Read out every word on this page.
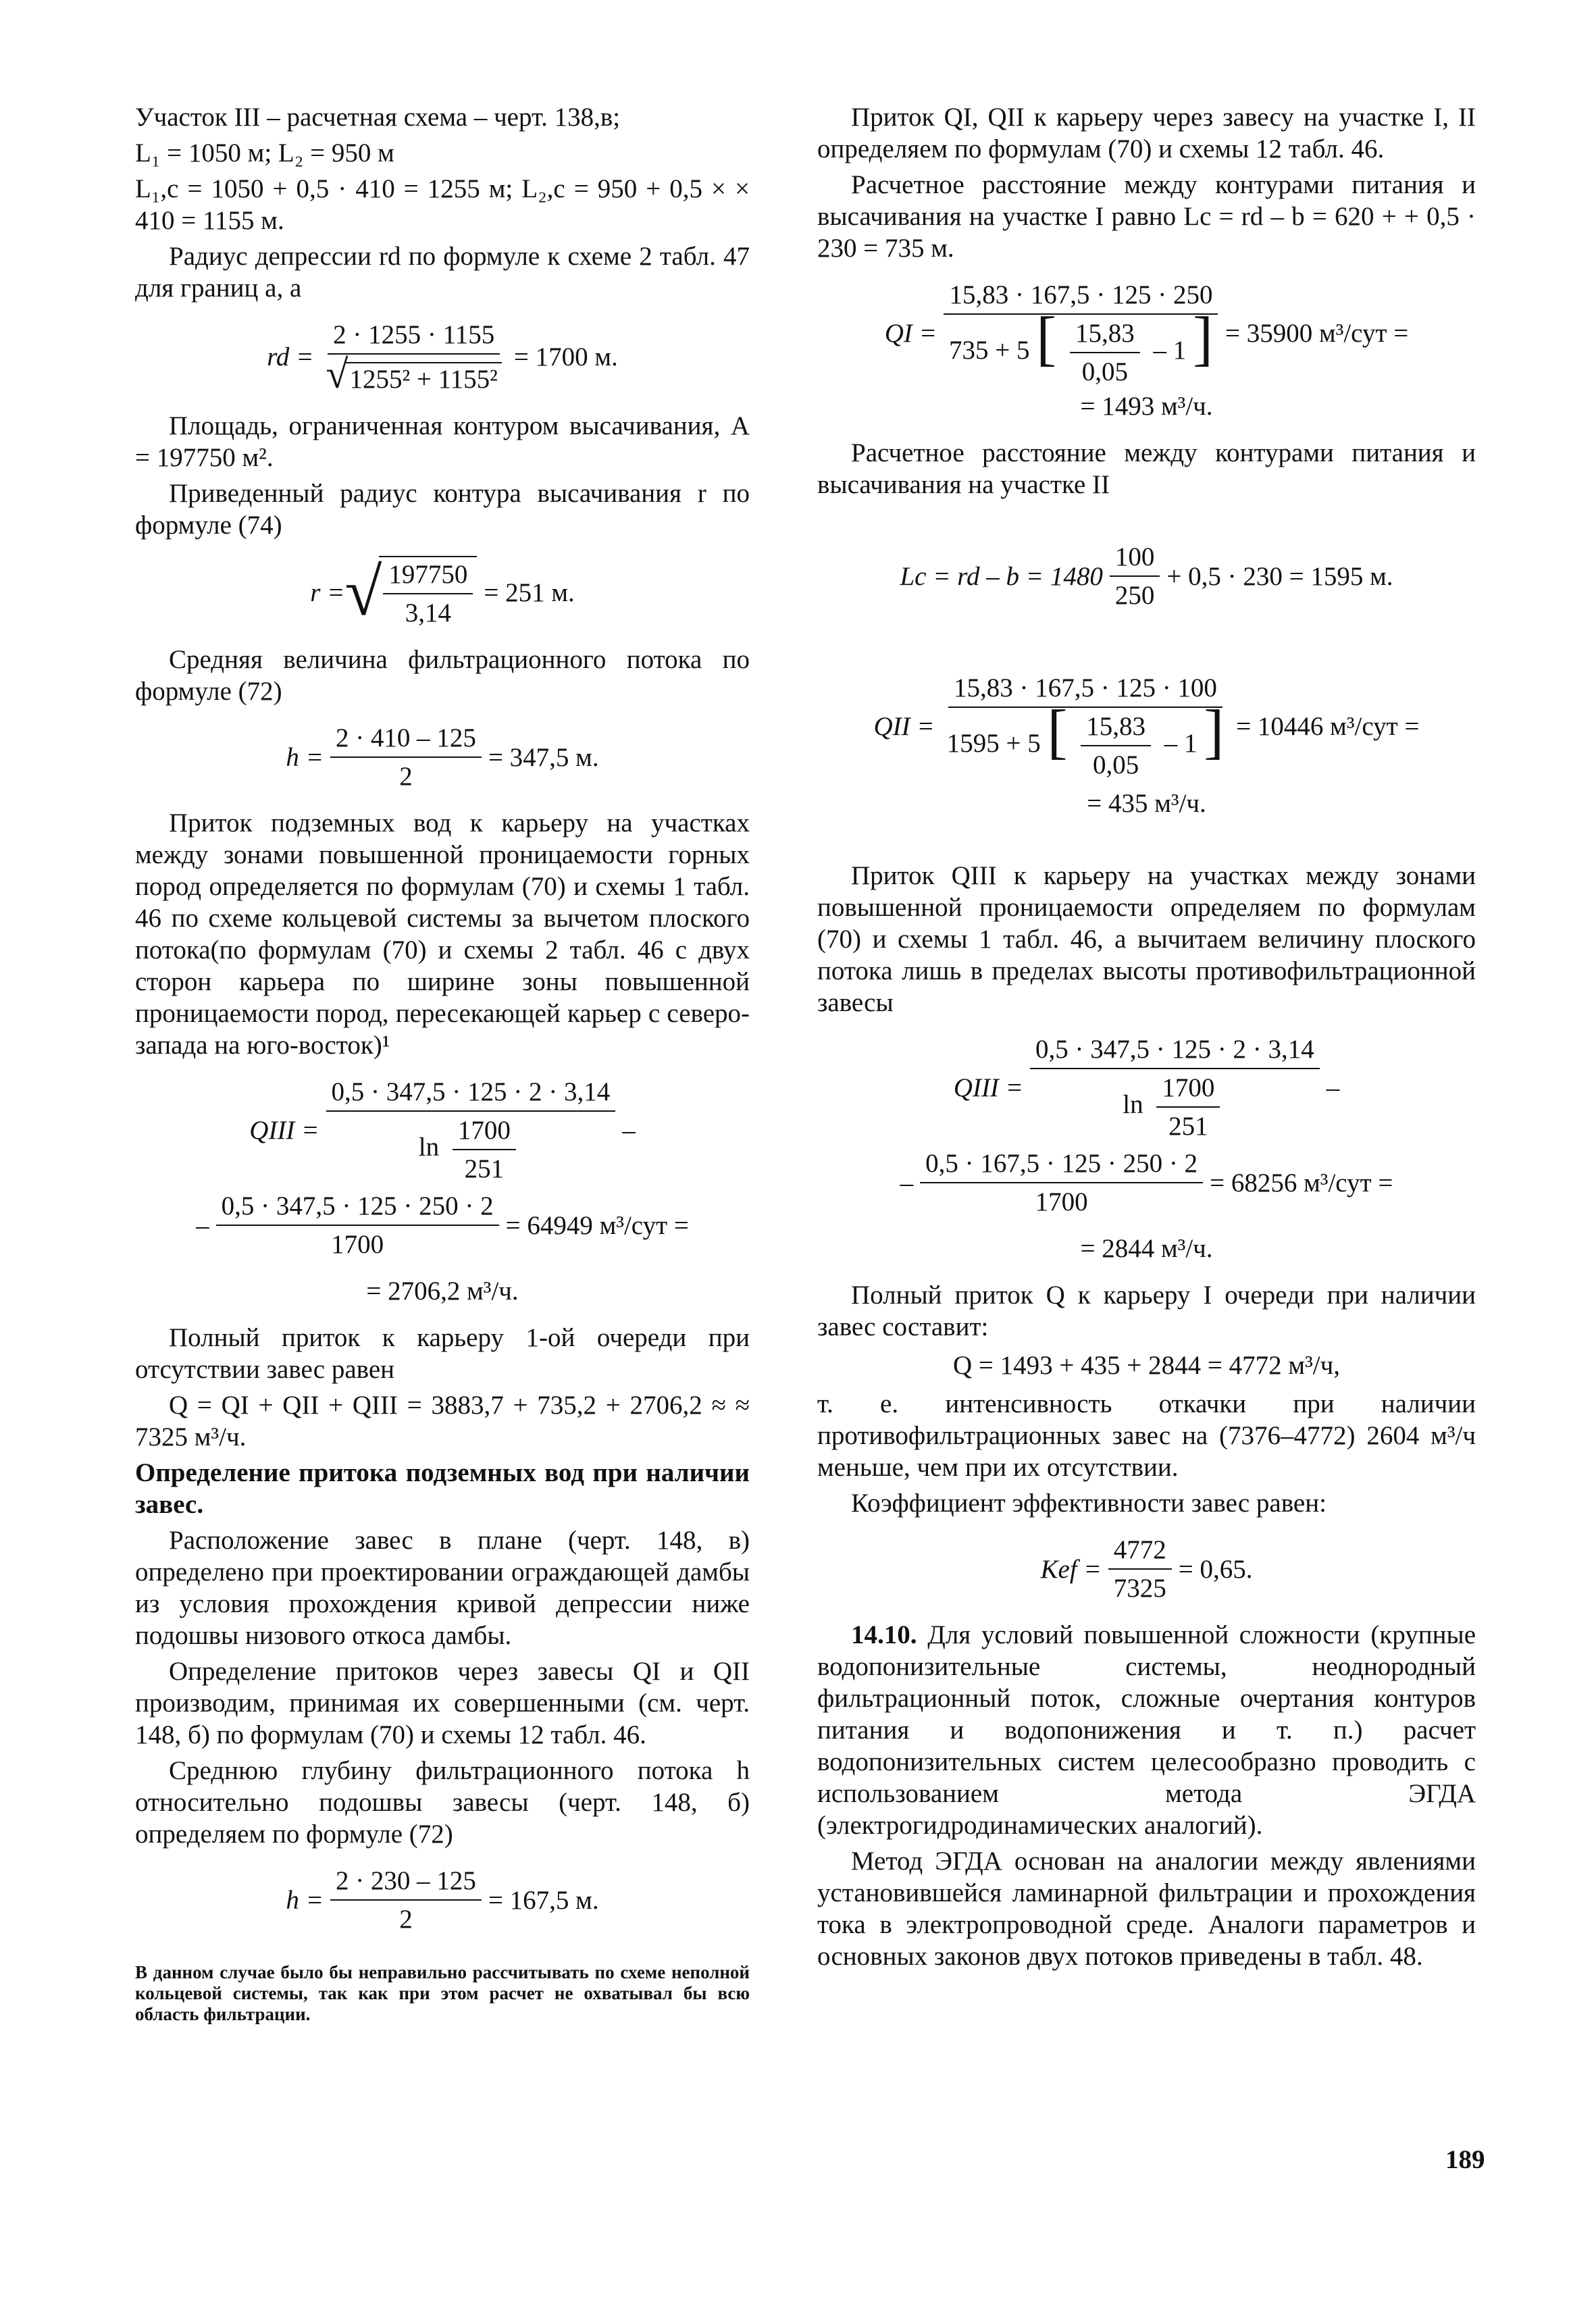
Участок III – расчетная схема – черт. 138,в;

L₁ = 1050 м; L₂ = 950 м

L₁,c = 1050 + 0,5 · 410 = 1255 м; L₂,c = 950 + 0,5 × × 410 = 1155 м.

Радиус депрессии rd по формуле к схеме 2 табл. 47 для границ а, а

rd = $\frac{2 \cdot 1255 \cdot 1155}{\text{√1255² + 1155²}} = 1700$ м.

Площадь, ограниченная контуром высачивания, A = 197750 м².

Приведенный радиус контура высачивания r по формуле (74)

r = √
$\frac{197750}{3,14} = 251$ м.

Средняя величина фильтрационного потока по формуле (72)

$h = \frac{2 \cdot 410 - 125}{2} = 347,5$ м.

Приток подземных вод к карьеру на участках между зонами повышенной проницаемости горных пород определяется по формулам (70) и схемы 1 табл. 46 по схеме кольцевой системы за вычетом плоского потока(по формулам (70) и схемы 2 табл. 46 с двух сторон карьера по ширине зоны повышенной проницаемости пород, пересекающей карьер с северо-запада на юго-восток)¹

QIII = $\frac{0,5 \cdot 347,5 \cdot 125 \cdot 2 \cdot 3,14}{\ln \frac{1700}{251}}$ –
– $\frac{0,5 \cdot 347,5 \cdot 125 \cdot 250 \cdot 2}{1700} = 64949$ м³/сут =
= 2706,2 м³/ч.

Полный приток к карьеру 1-ой очереди при отсутствии завес равен

Q = QI + QII + QIII = 3883,7 + 735,2 + 2706,2 ≈ ≈ 7325 м³/ч.

Определение притока подземных вод при наличии завес.

Расположение завес в плане (черт. 148, в) определено при проектировании ограждающей дамбы из условия прохождения кривой депрессии ниже подошвы низового откоса дамбы.

Определение притоков через завесы QI и QII производим, принимая их совершенными (см. черт. 148, б) по формулам (70) и схемы 12 табл. 46.

Среднюю глубину фильтрационного потока h относительно подошвы завесы (черт. 148, б) определяем по формуле (72)

$h = \frac{2 \cdot 230 - 125}{2} = 167,5$ м.

В данном случае было бы неправильно рассчитывать по схеме неполной кольцевой системы, так как при этом расчет не охватывал бы всю область фильтрации.

Приток QI, QII к карьеру через завесу на участке I, II определяем по формулам (70) и схемы 12 табл. 46.

Расчетное расстояние между контурами питания и высачивания на участке I равно Lc = rd – b = 620 + + 0,5 · 230 = 735 м.

QI =
15,83 · 167,5 · 125 · 250
735 + 5 [ $\frac{15,83}{0,05} - 1$ ] = 35900 м³/сут =
= 1493 м³/ч.

Расчетное расстояние между контурами питания и высачивания на участке II

Lc = rd – $b = 1480 \frac{100}{250} + 0,5 \cdot 230 = 1595$ м.
QII =
15,83 · 167,5 · 125 · 100
1595 + 5 [ $\frac{15,83}{0,05} - 1$ ] = 10446 м³/сут =
= 435 м³/ч.

Приток QIII к карьеру на участках между зонами повышенной проницаемости определяем по формулам (70) и схемы 1 табл. 46, а вычитаем величину плоского потока лишь в пределах высоты противофильтрационной завесы

QIII = $\frac{0,5 \cdot 347,5 \cdot 125 \cdot 2 \cdot 3,14}{\ln \frac{1700}{251}}$ –
– $\frac{0,5 \cdot 167,5 \cdot 125 \cdot 250 \cdot 2}{1700} = 68256$ м³/сут =
= 2844 м³/ч.

Полный приток Q к карьеру I очереди при наличии завес составит:

Q = 1493 + 435 + 2844 = 4772 м³/ч,

т. е. интенсивность откачки при наличии противофильтрационных завес на (7376–4772) 2604 м³/ч меньше, чем при их отсутствии.

Коэффициент эффективности завес равен:

Kef = $\frac{4772}{7325} = 0,65$.

14.10. Для условий повышенной сложности (крупные водопонизительные системы, неоднородный фильтрационный поток, сложные очертания контуров питания и водопонижения и т. п.) расчет водопонизительных систем целесообразно проводить с использованием метода ЭГДА (электрогидродинамических аналогий).

Метод ЭГДА основан на аналогии между явлениями установившейся ламинарной фильтрации и прохождения тока в электропроводной среде. Аналоги параметров и основных законов двух потоков приведены в табл. 48.

189
